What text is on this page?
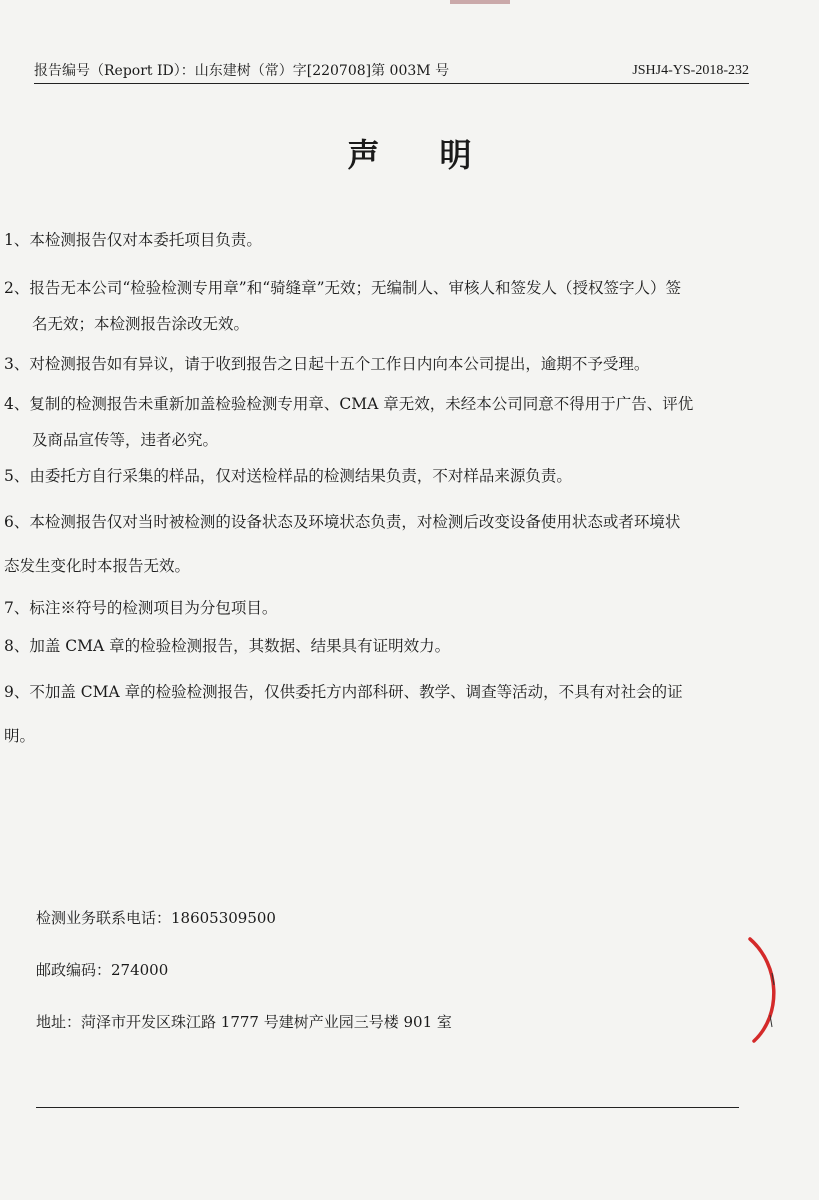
报告编号（Report ID）：山东建树（常）字[220708]第 003M 号	JSHJ4-YS-2018-232
声明
1、本检测报告仅对本委托项目负责。
2、报告无本公司“检验检测专用章”和“骑缝章”无效；无编制人、审核人和签发人（授权签字人）签
名无效；本检测报告涂改无效。
3、对检测报告如有异议，请于收到报告之日起十五个工作日内向本公司提出，逾期不予受理。
4、复制的检测报告未重新加盖检验检测专用章、CMA 章无效，未经本公司同意不得用于广告、评优
及商品宣传等，违者必究。
5、由委托方自行采集的样品，仅对送检样品的检测结果负责，不对样品来源负责。
6、本检测报告仅对当时被检测的设备状态及环境状态负责，对检测后改变设备使用状态或者环境状
态发生变化时本报告无效。
7、标注※符号的检测项目为分包项目。
8、加盖 CMA 章的检验检测报告，其数据、结果具有证明效力。
9、不加盖 CMA 章的检验检测报告，仅供委托方内部科研、教学、调查等活动，不具有对社会的证
明。
检测业务联系电话：18605309500
邮政编码：274000
地址：菏泽市开发区珠江路 1777 号建树产业园三号楼 901 室
